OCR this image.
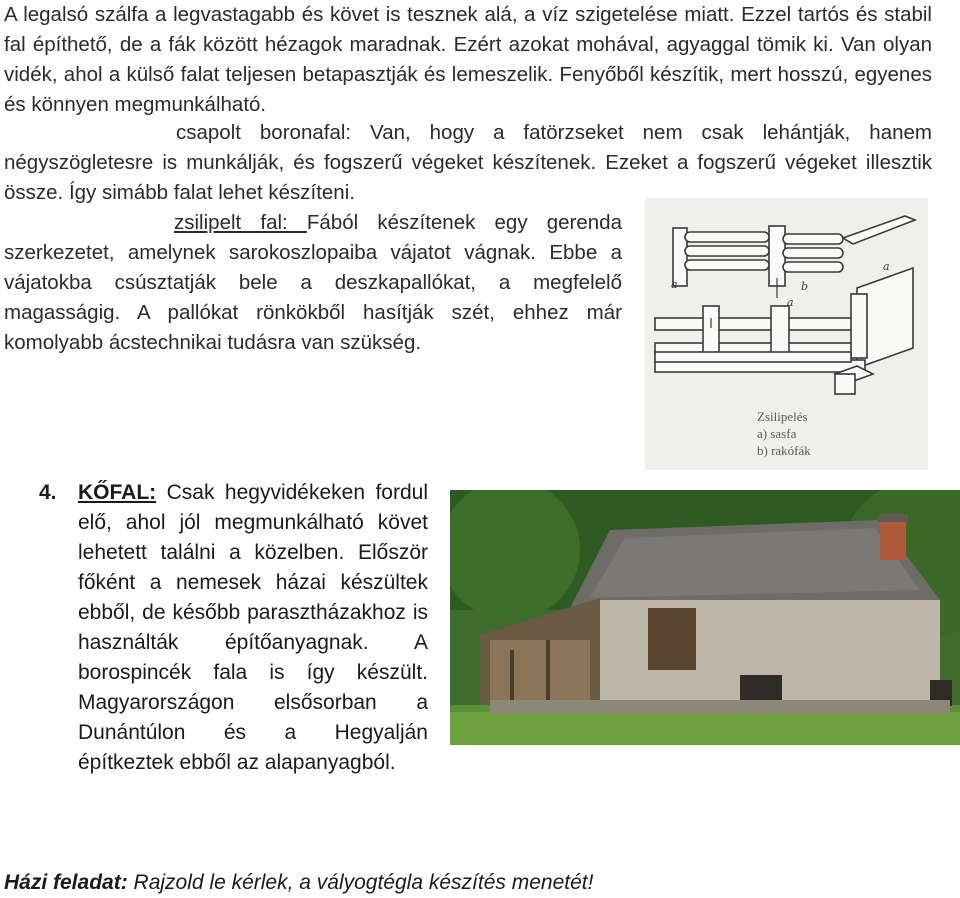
A legalsó szálfa a legvastagabb és követ is tesznek alá, a víz szigetelése miatt. Ezzel tartós és stabil fal építhető, de a fák között hézagok maradnak. Ezért azokat mohával, agyaggal tömik ki. Van olyan vidék, ahol a külső falat teljesen betapasztják és lemeszelik. Fenyőből készítik, mert hosszú, egyenes és könnyen megmunkálható.

csapolt boronafal: Van, hogy a fatörzseket nem csak lehántják, hanem négyszögletesre is munkálják, és fogszerű végeket készítenek. Ezeket a fogszerű végeket illesztik össze. Így simább falat lehet készíteni.

zsilipelt fal: Fából készítenek egy gerenda szerkezetet, amelynek sarokoszlopaiba vájatot vágnak. Ebbe a vájatokba csúsztatják bele a deszkapallókat, a megfelelő magasságig. A pallókat rönkökből hasítják szét, ehhez már komolyabb ácstechnikai tudásra van szükség.

a	b
a
a
Zsilipelés
a) sasfa
b) rakófák
4. KŐFAL: Csak hegyvidékeken fordul elő, ahol jól megmunkálható követ lehetett találni a közelben. Először főként a nemesek házai készültek ebből, de később parasztházakhoz is használták építőanyagnak. A borospincék fala is így készült. Magyarországon elsősorban a Dunántúlon és a Hegyalján építkeztek ebből az alapanyagból.

Házi feladat: Rajzold le kérlek, a vályogtégla készítés menetét!
